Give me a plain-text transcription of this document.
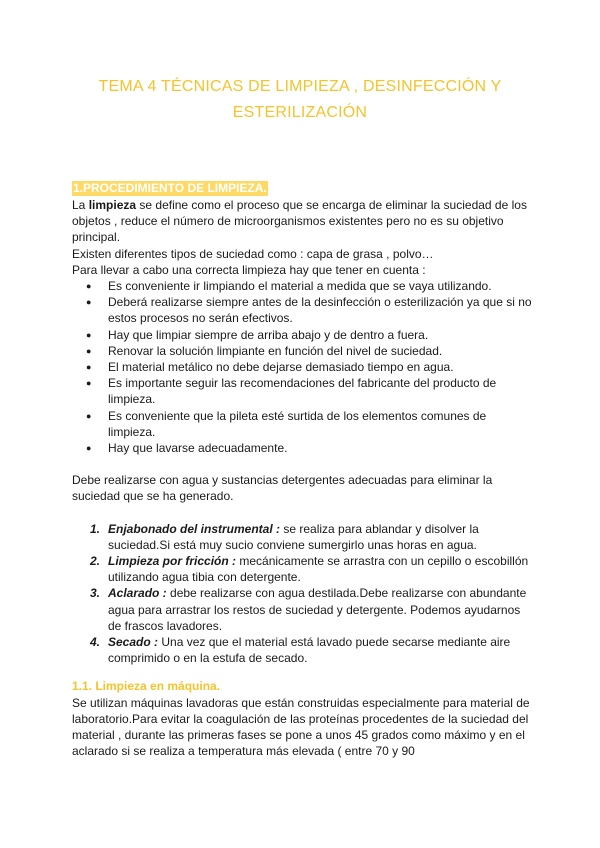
TEMA 4 TÉCNICAS DE LIMPIEZA , DESINFECCIÓN Y
ESTERILIZACIÓN
1.PROCEDIMIENTO DE LIMPIEZA.

La limpieza se define como el proceso que se encarga de eliminar la suciedad de los objetos , reduce el número de microorganismos existentes pero no es su objetivo principal.

Existen diferentes tipos de suciedad como : capa de grasa , polvo…

Para llevar a cabo una correcta limpieza hay que tener en cuenta :

● Es conveniente ir limpiando el material a medida que se vaya utilizando.
● Deberá realizarse siempre antes de la desinfección o esterilización ya que si no estos procesos no serán efectivos.
● Hay que limpiar siempre de arriba abajo y de dentro a fuera.
● Renovar la solución limpiante en función del nivel de suciedad.
● El material metálico no debe dejarse demasiado tiempo en agua.
● Es importante seguir las recomendaciones del fabricante del producto de limpieza.
● Es conveniente que la pileta esté surtida de los elementos comunes de limpieza.
● Hay que lavarse adecuadamente.

Debe realizarse con agua y sustancias detergentes adecuadas para eliminar la suciedad que se ha generado.

1. Enjabonado del instrumental : se realiza para ablandar y disolver la suciedad.Si está muy sucio conviene sumergirlo unas horas en agua.
2. Limpieza por fricción : mecánicamente se arrastra con un cepillo o escobillón utilizando agua tibia con detergente.
3. Aclarado : debe realizarse con agua destilada.Debe realizarse con abundante agua para arrastrar los restos de suciedad y detergente. Podemos ayudarnos de frascos lavadores.
4. Secado : Una vez que el material está lavado puede secarse mediante aire comprimido o en la estufa de secado.

1.1. Limpieza en máquina.

Se utilizan máquinas lavadoras que están construidas especialmente para material de laboratorio.Para evitar la coagulación de las proteínas procedentes de la suciedad del material , durante las primeras fases se pone a unos 45 grados como máximo y en el aclarado si se realiza a temperatura más elevada ( entre 70 y 90
